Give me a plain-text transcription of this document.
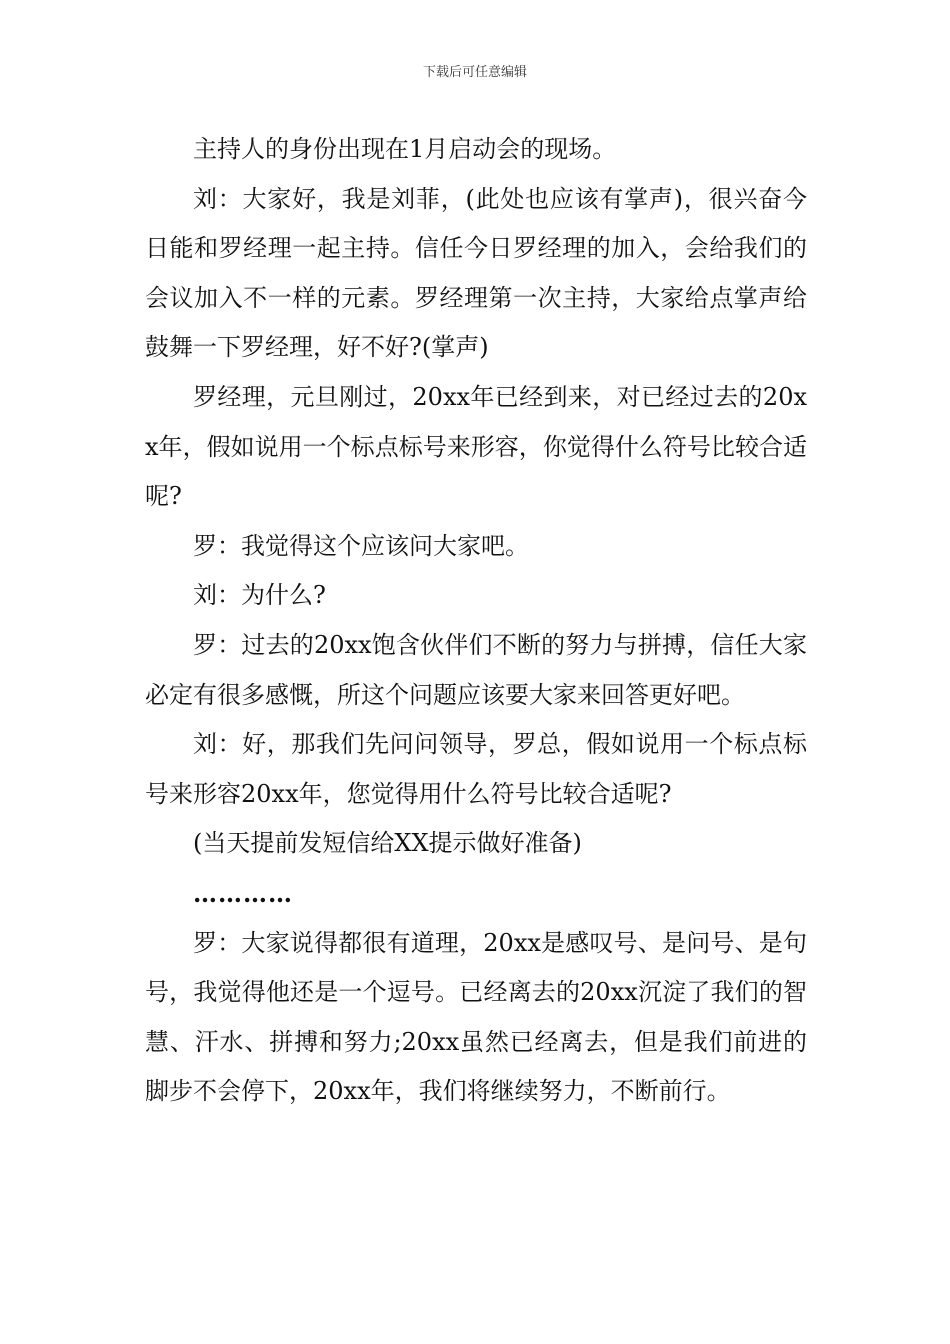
下载后可任意编辑

主持人的身份出现在1月启动会的现场。

刘：大家好，我是刘菲，(此处也应该有掌声)，很兴奋今日能和罗经理一起主持。信任今日罗经理的加入，会给我们的会议加入不一样的元素。罗经理第一次主持，大家给点掌声给鼓舞一下罗经理，好不好?(掌声)

罗经理，元旦刚过，20xx年已经到来，对已经过去的20xx年，假如说用一个标点标号来形容，你觉得什么符号比较合适呢?

罗：我觉得这个应该问大家吧。

刘：为什么?

罗：过去的20xx饱含伙伴们不断的努力与拼搏，信任大家必定有很多感慨，所这个问题应该要大家来回答更好吧。

刘：好，那我们先问问领导，罗总，假如说用一个标点标号来形容20xx年，您觉得用什么符号比较合适呢?

(当天提前发短信给XX提示做好准备)

…………

罗：大家说得都很有道理，20xx是感叹号、是问号、是句号，我觉得他还是一个逗号。已经离去的20xx沉淀了我们的智慧、汗水、拼搏和努力;20xx虽然已经离去，但是我们前进的脚步不会停下，20xx年，我们将继续努力，不断前行。
